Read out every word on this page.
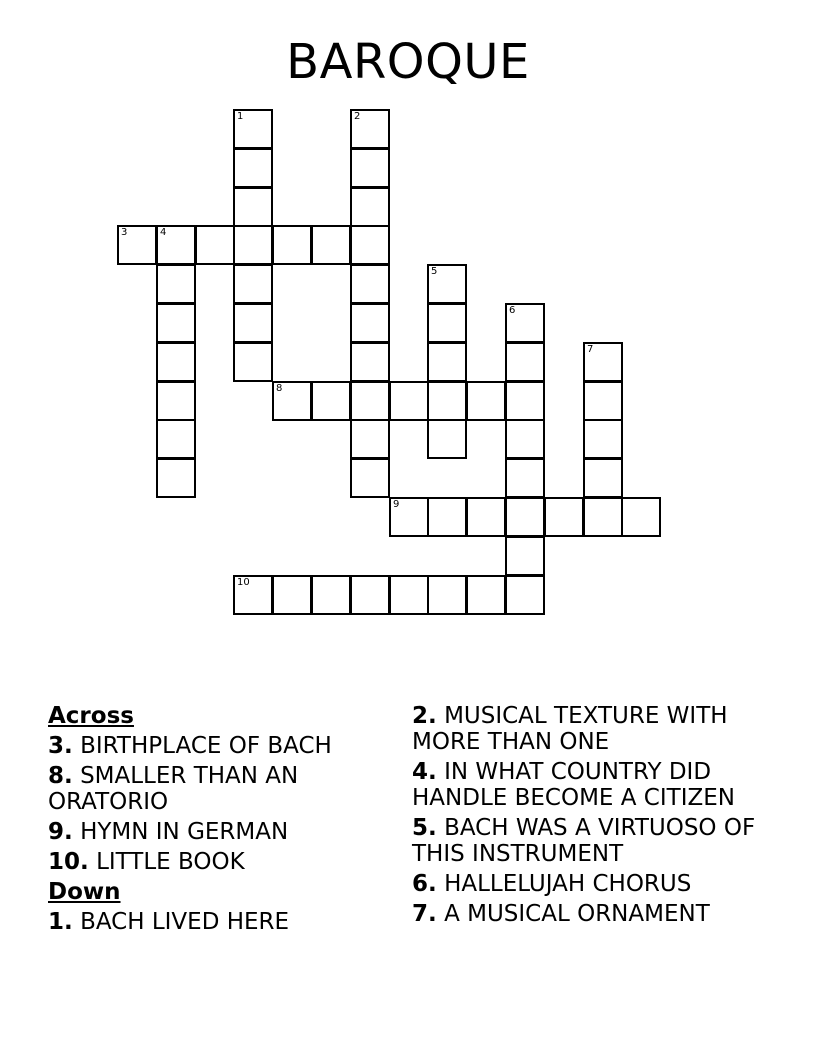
BAROQUE
1	2
3	4
5
6
7
8
9
10
Across
3. BIRTHPLACE OF BACH
8. SMALLER THAN AN ORATORIO
9. HYMN IN GERMAN
10. LITTLE BOOK
Down
1. BACH LIVED HERE
2. MUSICAL TEXTURE WITH MORE THAN ONE
4. IN WHAT COUNTRY DID HANDLE BECOME A CITIZEN
5. BACH WAS A VIRTUOSO OF THIS INSTRUMENT
6. HALLELUJAH CHORUS
7. A MUSICAL ORNAMENT
